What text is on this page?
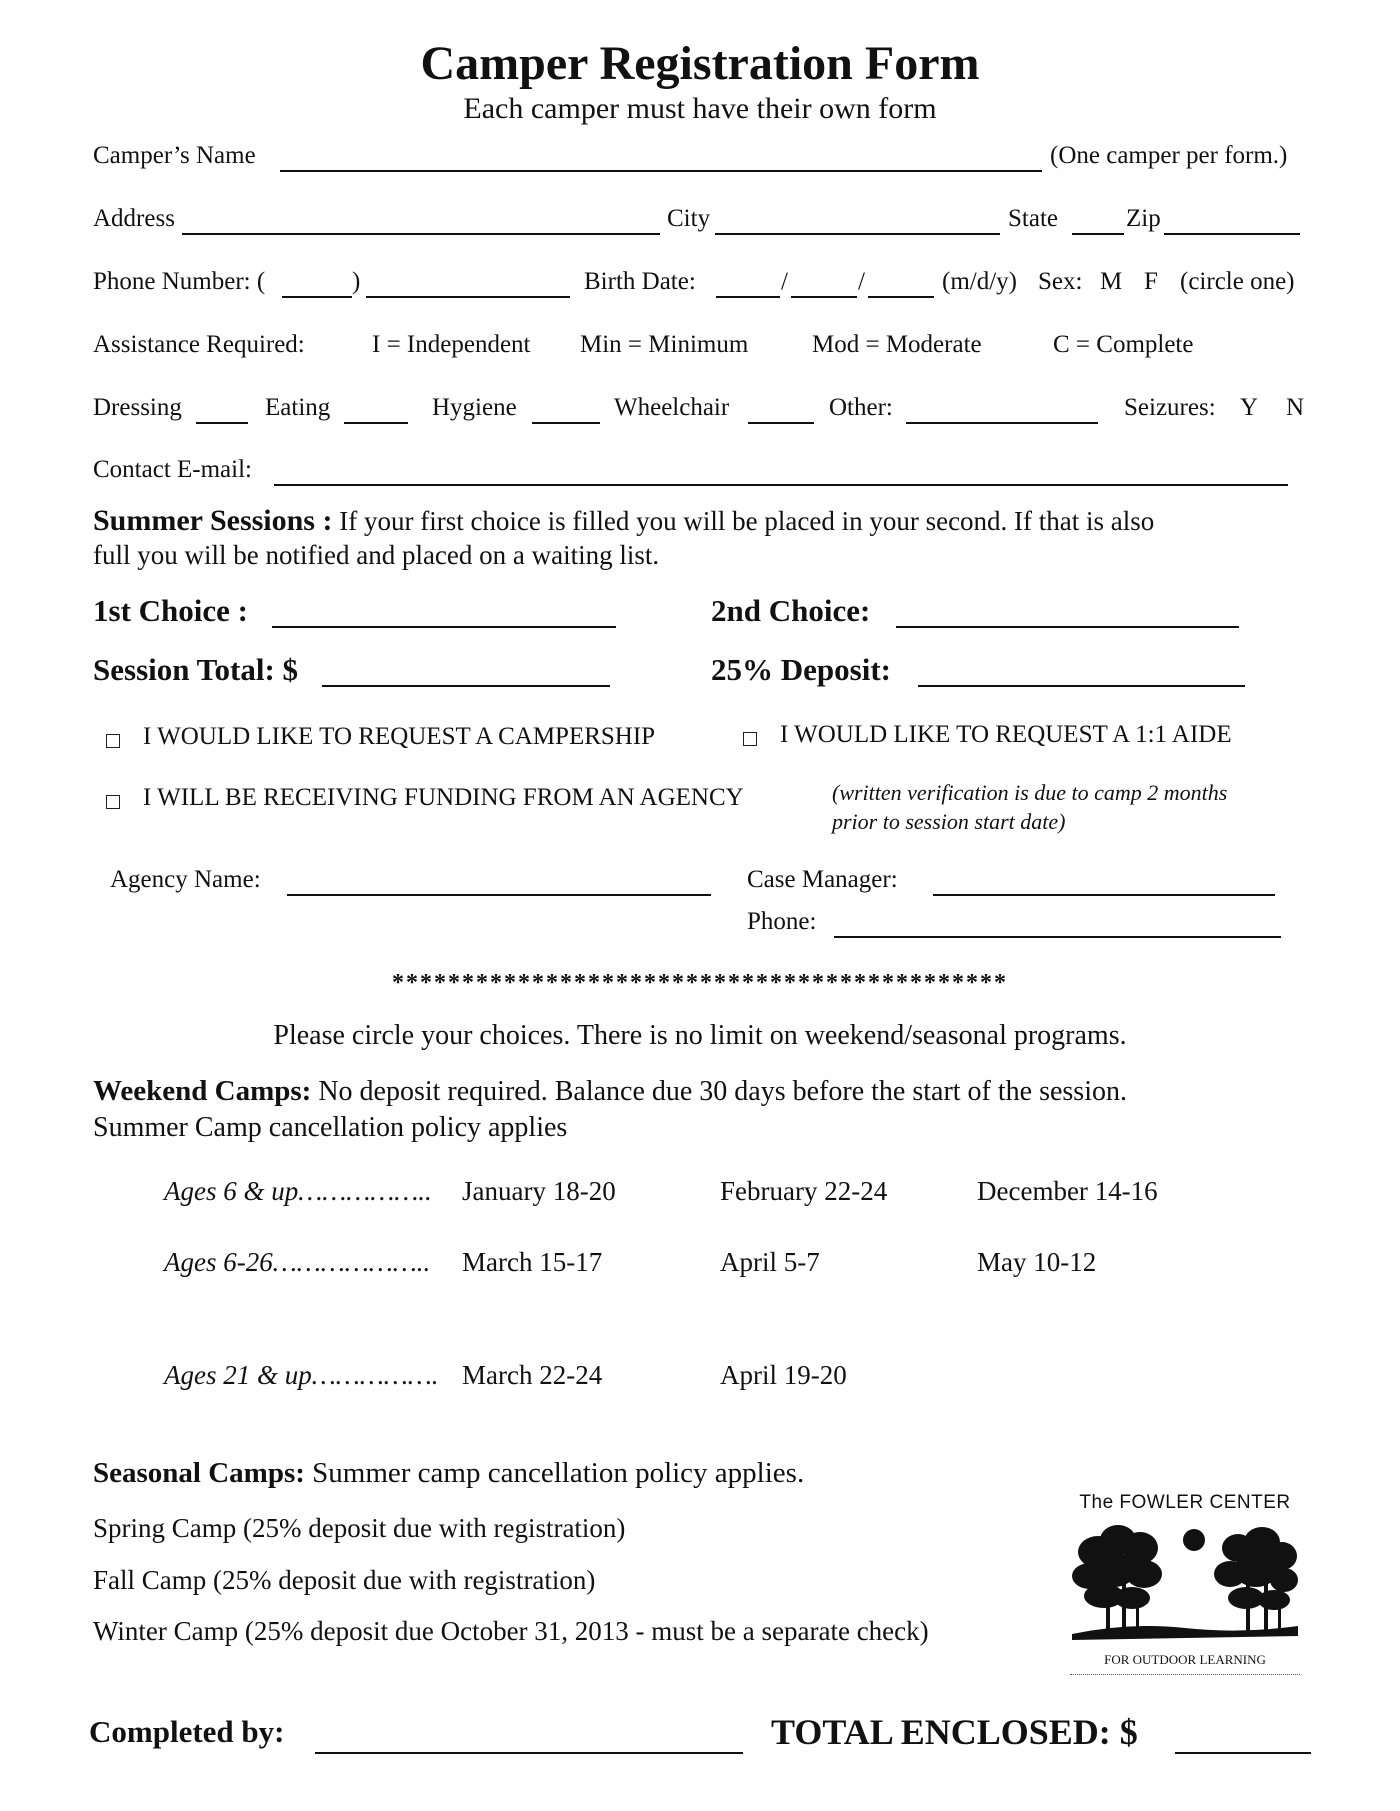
Camper Registration Form
Each camper must have their own form
Camper’s Name	(One camper per form.)
Address	City	State	Zip
Phone Number: (	)	Birth Date:	/	/	(m/d/y) Sex: M F (circle one)
Assistance Required:	I = Independent Min = Minimum	Mod = Moderate	C = Complete
Dressing	Eating	Hygiene	Wheelchair	Other:	Seizures: Y N
Contact E-mail:
Summer Sessions : If your first choice is filled you will be placed in your second. If that is also
full you will be notified and placed on a waiting list.
1st Choice :	2nd Choice:
Session Total: $	25% Deposit:
I WOULD LIKE TO REQUEST A CAMPERSHIP	I WOULD LIKE TO REQUEST A 1:1 AIDE
I WILL BE RECEIVING FUNDING FROM AN AGENCY	(written verification is due to camp 2 months
prior to session start date)
Agency Name:	Case Manager:
Phone:
********************************************
Please circle your choices. There is no limit on weekend/seasonal programs.
Weekend Camps: No deposit required. Balance due 30 days before the start of the session.
Summer Camp cancellation policy applies
Ages 6 & up…………….. January 18-20	February 22-24	December 14-16
Ages 6-26……………….. March 15-17	April 5-7	May 10-12
Ages 21 & up……………. March 22-24	April 19-20
Seasonal Camps: Summer camp cancellation policy applies.
Spring Camp (25% deposit due with registration)
Fall Camp (25% deposit due with registration)
Winter Camp (25% deposit due October 31, 2013 - must be a separate check)
The FOWLER CENTER
FOR OUTDOOR LEARNING
Completed by:	TOTAL ENCLOSED: $
